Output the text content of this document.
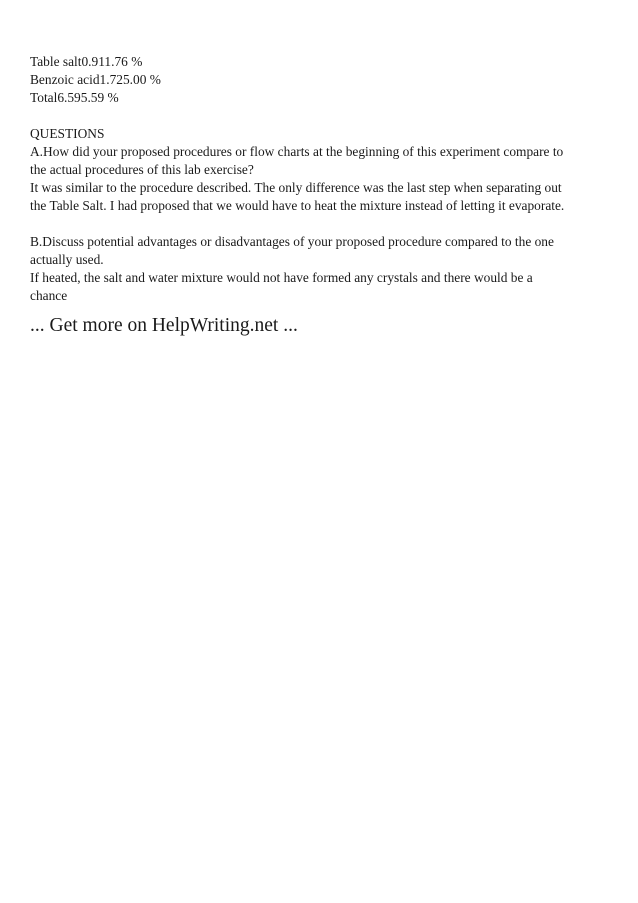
Table salt0.911.76 %
Benzoic acid1.725.00 %
Total6.595.59 %
QUESTIONS
A.How did your proposed procedures or flow charts at the beginning of this experiment compare to
the actual procedures of this lab exercise?
It was similar to the procedure described. The only difference was the last step when separating out
the Table Salt. I had proposed that we would have to heat the mixture instead of letting it evaporate.
B.Discuss potential advantages or disadvantages of your proposed procedure compared to the one
actually used.
If heated, the salt and water mixture would not have formed any crystals and there would be a
chance
... Get more on HelpWriting.net ...
